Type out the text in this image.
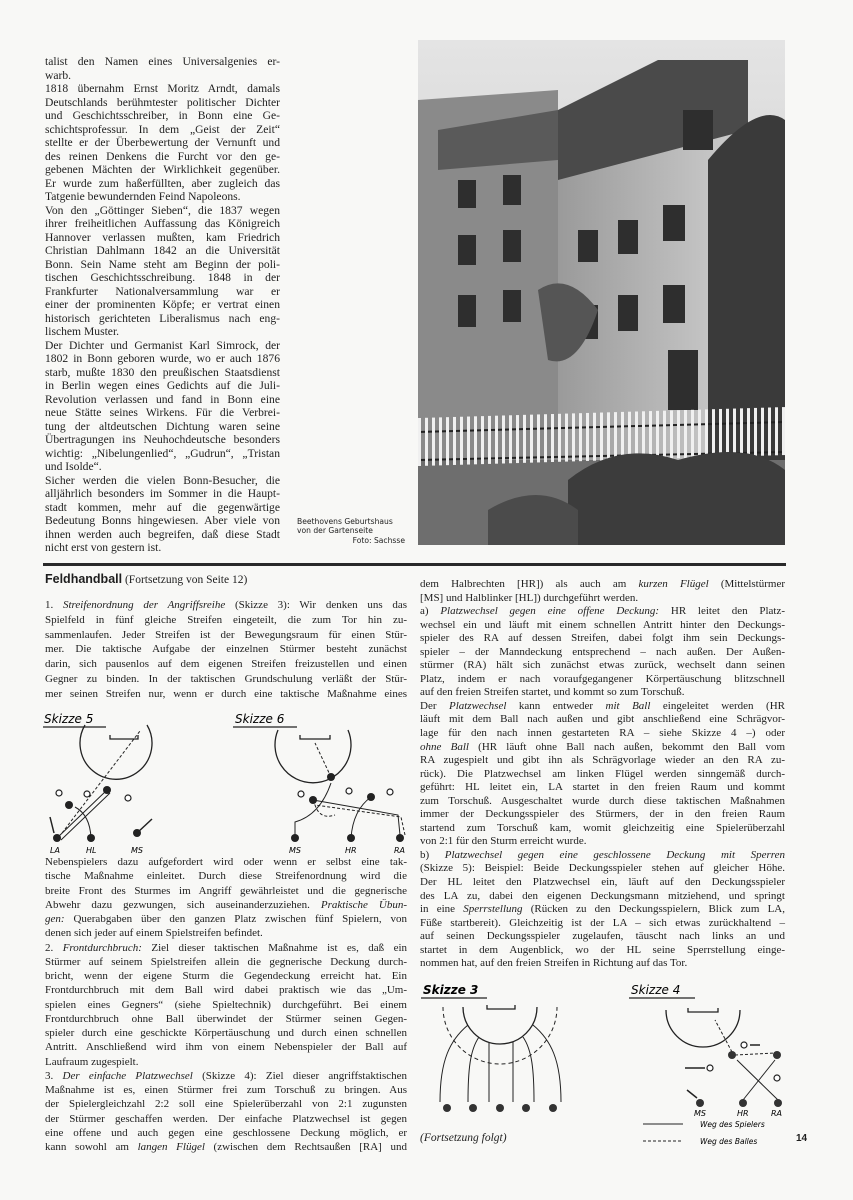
talist den Namen eines Universalgenies er-
warb.
1818 übernahm Ernst Moritz Arndt, damals
Deutschlands berühmtester politischer Dichter
und Geschichtsschreiber, in Bonn eine Ge-
schichtsprofessur. In dem „Geist der Zeit“
stellte er der Überbewertung der Vernunft und
des reinen Denkens die Furcht vor den ge-
gebenen Mächten der Wirklichkeit gegenüber.
Er wurde zum haßerfüllten, aber zugleich das
Tatgenie bewundernden Feind Napoleons.
Von den „Göttinger Sieben“, die 1837 wegen
ihrer freiheitlichen Auffassung das Königreich
Hannover verlassen mußten, kam Friedrich
Christian Dahlmann 1842 an die Universität
Bonn. Sein Name steht am Beginn der poli-
tischen Geschichtsschreibung. 1848 in der
Frankfurter Nationalversammlung war er
einer der prominenten Köpfe; er vertrat einen
historisch gerichteten Liberalismus nach eng-
lischem Muster.
Der Dichter und Germanist Karl Simrock, der
1802 in Bonn geboren wurde, wo er auch 1876
starb, mußte 1830 den preußischen Staatsdienst
in Berlin wegen eines Gedichts auf die Juli-
Revolution verlassen und fand in Bonn eine
neue Stätte seines Wirkens. Für die Verbrei-
tung der altdeutschen Dichtung waren seine
Übertragungen ins Neuhochdeutsche besonders
wichtig: „Nibelungenlied“, „Gudrun“, „Tristan
und Isolde“.
Sicher werden die vielen Bonn-Besucher, die
alljährlich besonders im Sommer in die Haupt-
stadt kommen, mehr auf die gegenwärtige
Bedeutung Bonns hingewiesen. Aber viele von
ihnen werden auch begreifen, daß diese Stadt
nicht erst von gestern ist.
Beethovens Geburtshaus
von der Gartenseite
Foto: Sachsse
Feldhandball (Fortsetzung von Seite 12)
1. Streifenordnung der Angriffsreihe (Skizze 3): Wir denken uns das
Spielfeld in fünf gleiche Streifen eingeteilt, die zum Tor hin zu-
sammenlaufen. Jeder Streifen ist der Bewegungsraum für einen Stür-
mer. Die taktische Aufgabe der einzelnen Stürmer besteht zunächst
darin, sich pausenlos auf dem eigenen Streifen freizustellen und einen
Gegner zu binden. In der taktischen Grundschulung verläßt der Stür-
mer seinen Streifen nur, wenn er durch eine taktische Maßnahme eines
Nebenspielers dazu aufgefordert wird oder wenn er selbst eine tak-
tische Maßnahme einleitet. Durch diese Streifenordnung wird die
breite Front des Sturmes im Angriff gewährleistet und die gegnerische
Abwehr dazu gezwungen, sich auseinanderzuziehen. Praktische Übun-
gen: Querabgaben über den ganzen Platz zwischen fünf Spielern, von
denen sich jeder auf einem Spielstreifen befindet.
2. Frontdurchbruch: Ziel dieser taktischen Maßnahme ist es, daß ein
Stürmer auf seinem Spielstreifen allein die gegnerische Deckung durch-
bricht, wenn der eigene Sturm die Gegendeckung erreicht hat. Ein
Frontdurchbruch mit dem Ball wird dabei praktisch wie das „Um-
spielen eines Gegners“ (siehe Spieltechnik) durchgeführt. Bei einem
Frontdurchbruch ohne Ball überwindet der Stürmer seinen Gegen-
spieler durch eine geschickte Körpertäuschung und durch einen schnellen
Antritt. Anschließend wird ihm von einem Nebenspieler der Ball auf
Laufraum zugespielt.
3. Der einfache Platzwechsel (Skizze 4): Ziel dieser angriffstaktischen
Maßnahme ist es, einen Stürmer frei zum Torschuß zu bringen. Aus
der Spielergleichzahl 2:2 soll eine Spielerüberzahl von 2:1 zugunsten
der Stürmer geschaffen werden. Der einfache Platzwechsel ist gegen
eine offene und auch gegen eine geschlossene Deckung möglich, er
kann sowohl am langen Flügel (zwischen dem Rechtsaußen [RA] und
dem Halbrechten [HR]) als auch am kurzen Flügel (Mittelstürmer
[MS] und Halblinker [HL]) durchgeführt werden.
a) Platzwechsel gegen eine offene Deckung: HR leitet den Platz-
wechsel ein und läuft mit einem schnellen Antritt hinter den Deckungs-
spieler des RA auf dessen Streifen, dabei folgt ihm sein Deckungs-
spieler – der Manndeckung entsprechend – nach außen. Der Außen-
stürmer (RA) hält sich zunächst etwas zurück, wechselt dann seinen
Platz, indem er nach voraufgegangener Körpertäuschung blitzschnell
auf den freien Streifen startet, und kommt so zum Torschuß.
Der Platzwechsel kann entweder mit Ball eingeleitet werden (HR
läuft mit dem Ball nach außen und gibt anschließend eine Schrägvor-
lage für den nach innen gestarteten RA – siehe Skizze 4 –) oder
ohne Ball (HR läuft ohne Ball nach außen, bekommt den Ball vom
RA zugespielt und gibt ihn als Schrägvorlage wieder an den RA zu-
rück). Die Platzwechsel am linken Flügel werden sinngemäß durch-
geführt: HL leitet ein, LA startet in den freien Raum und kommt
zum Torschuß. Ausgeschaltet wurde durch diese taktischen Maßnahmen
immer der Deckungsspieler des Stürmers, der in den freien Raum
startend zum Torschuß kam, womit gleichzeitig eine Spielerüberzahl
von 2:1 für den Sturm erreicht wurde.
b) Platzwechsel gegen eine geschlossene Deckung mit Sperren
(Skizze 5): Beispiel: Beide Deckungsspieler stehen auf gleicher Höhe.
Der HL leitet den Platzwechsel ein, läuft auf den Deckungsspieler
des LA zu, dabei den eigenen Deckungsmann mitziehend, und springt
in eine Sperrstellung (Rücken zu den Deckungsspielern, Blick zum LA,
Füße startbereit). Gleichzeitig ist der LA – sich etwas zurückhaltend –
auf seinen Deckungsspieler zugelaufen, täuscht nach links an und
startet in dem Augenblick, wo der HL seine Sperrstellung einge-
nommen hat, auf den freien Streifen in Richtung auf das Tor.
Skizze 5
LA	HL	MS
Skizze 6
MS	HR	RA
Skizze 3	Skizze 4
MS	HR	RA
Weg des Spielers
Weg des Balles
(Fortsetzung folgt)	14
